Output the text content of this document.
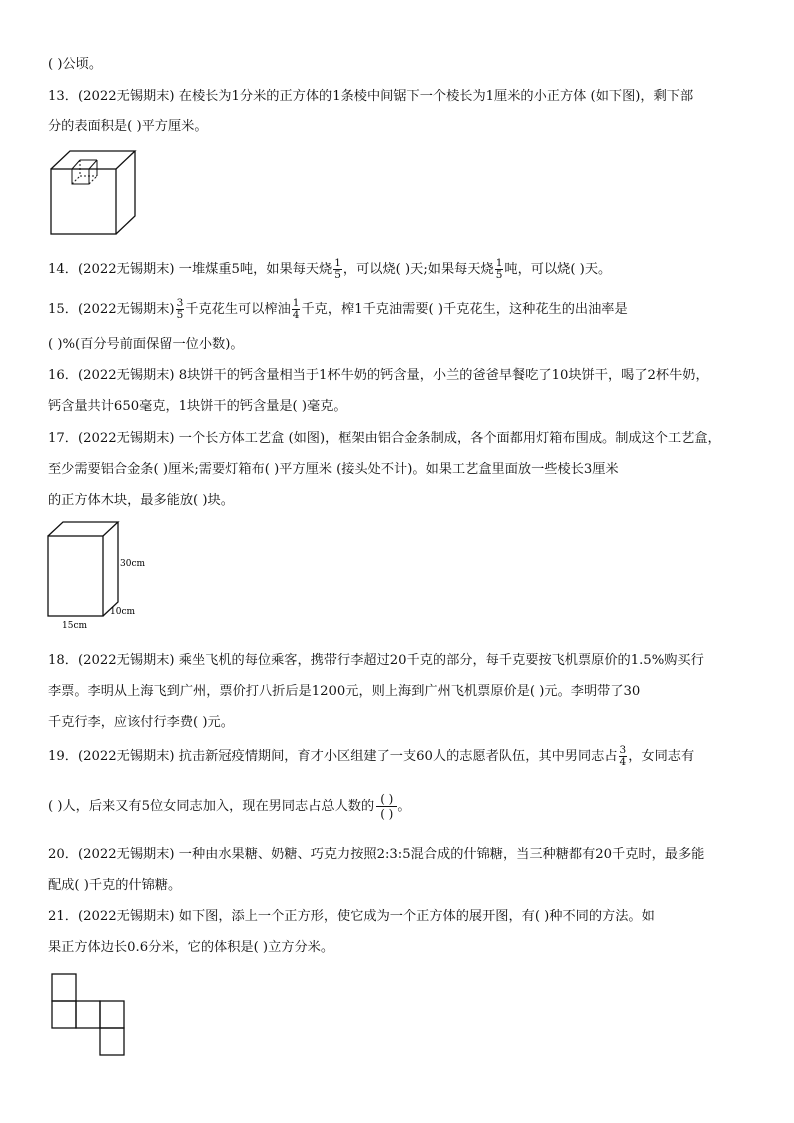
( )公顷。
13．(2022无锡期末) 在棱长为1分米的正方体的1条棱中间锯下一个棱长为1厘米的小正方体 (如下图)，剩下部
分的表面积是( )平方厘米。
14．(2022无锡期末) 一堆煤重5吨，如果每天烧 $\frac{1}{5}$ ，可以烧( )天;如果每天烧 $\frac{1}{5}$ 吨，可以烧( )天。
15．(2022无锡期末) $\frac{3}{5}$ 千克花生可以榨油 $\frac{1}{4}$ 千克，榨1千克油需要( )千克花生，这种花生的出油率是
( )%(百分号前面保留一位小数)。
16．(2022无锡期末) 8块饼干的钙含量相当于1杯牛奶的钙含量，小兰的爸爸早餐吃了10块饼干，喝了2杯牛奶，
钙含量共计650毫克，1块饼干的钙含量是( )毫克。
17．(2022无锡期末) 一个长方体工艺盒 (如图)，框架由铝合金条制成，各个面都用灯箱布围成。制成这个工艺盒，
至少需要铝合金条( )厘米;需要灯箱布( )平方厘米 (接头处不计)。如果工艺盒里面放一些棱长3厘米
的正方体木块，最多能放( )块。
30cm
10cm
15cm
18．(2022无锡期末) 乘坐飞机的每位乘客，携带行李超过20千克的部分，每千克要按飞机票原价的1.5%购买行
李票。李明从上海飞到广州，票价打八折后是1200元，则上海到广州飞机票原价是( )元。李明带了30
千克行李，应该付行李费( )元。
19．(2022无锡期末) 抗击新冠疫情期间，育才小区组建了一支60人的志愿者队伍，其中男同志占 $\frac{3}{4}$ ，女同志有
( )人，后来又有5位女同志加入，现在男同志占总人数的 $\frac{( )}{( )}$ 。
20．(2022无锡期末) 一种由水果糖、奶糖、巧克力按照2:3:5混合成的什锦糖，当三种糖都有20千克时，最多能
配成( )千克的什锦糖。
21．(2022无锡期末) 如下图，添上一个正方形，使它成为一个正方体的展开图，有( )种不同的方法。如
果正方体边长0.6分米，它的体积是( )立方分米。
